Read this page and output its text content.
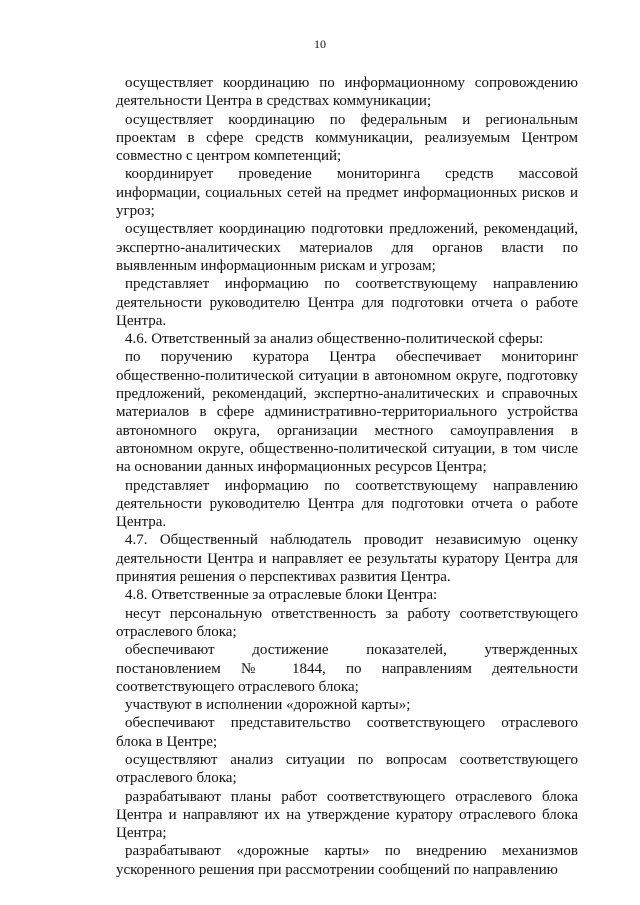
10

осуществляет координацию по информационному сопровождению деятельности Центра в средствах коммуникации;

осуществляет координацию по федеральным и региональным проектам в сфере средств коммуникации, реализуемым Центром совместно с центром компетенций;

координирует проведение мониторинга средств массовой информации, социальных сетей на предмет информационных рисков и угроз;

осуществляет координацию подготовки предложений, рекомендаций, экспертно-аналитических материалов для органов власти по выявленным информационным рискам и угрозам;

представляет информацию по соответствующему направлению деятельности руководителю Центра для подготовки отчета о работе Центра.

4.6. Ответственный за анализ общественно-политической сферы:

по поручению куратора Центра обеспечивает мониторинг общественно-политической ситуации в автономном округе, подготовку предложений, рекомендаций, экспертно-аналитических и справочных материалов в сфере административно-территориального устройства автономного округа, организации местного самоуправления в автономном округе, общественно-политической ситуации, в том числе на основании данных информационных ресурсов Центра;

представляет информацию по соответствующему направлению деятельности руководителю Центра для подготовки отчета о работе Центра.

4.7. Общественный наблюдатель проводит независимую оценку деятельности Центра и направляет ее результаты куратору Центра для принятия решения о перспективах развития Центра.

4.8. Ответственные за отраслевые блоки Центра:

несут персональную ответственность за работу соответствующего отраслевого блока;

обеспечивают достижение показателей, утвержденных постановлением № 1844, по направлениям деятельности соответствующего отраслевого блока;

участвуют в исполнении «дорожной карты»;

обеспечивают представительство соответствующего отраслевого блока в Центре;

осуществляют анализ ситуации по вопросам соответствующего отраслевого блока;

разрабатывают планы работ соответствующего отраслевого блока Центра и направляют их на утверждение куратору отраслевого блока Центра;

разрабатывают «дорожные карты» по внедрению механизмов ускоренного решения при рассмотрении сообщений по направлению
